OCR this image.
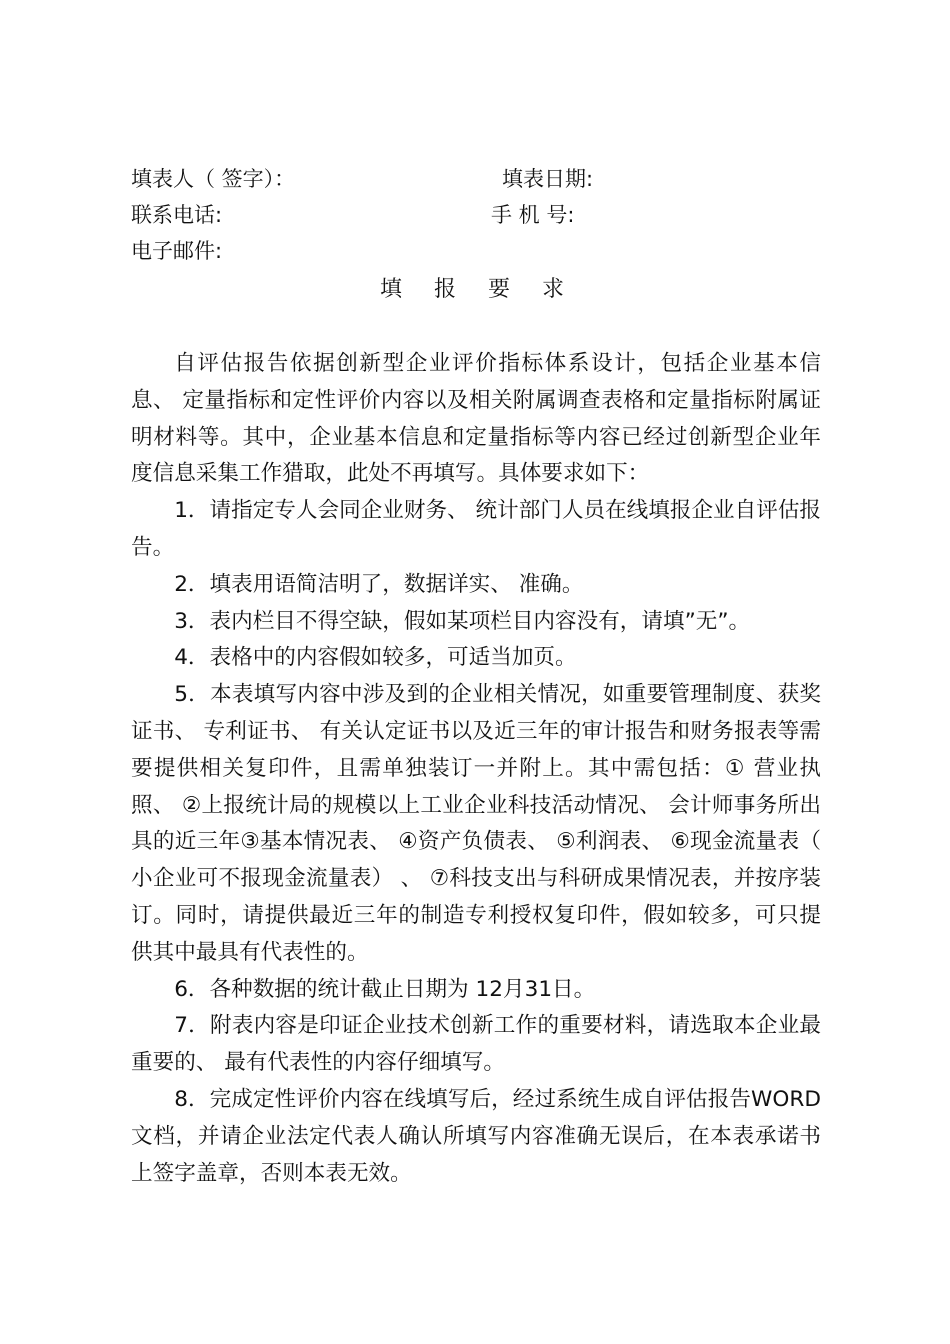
填表人（ 签字）：	填表日期:
联系电话:	手 机 号:
电子邮件:
填  报  要  求

自评估报告依据创新型企业评价指标体系设计，包括企业基本信息、 定量指标和定性评价内容以及相关附属调查表格和定量指标附属证明材料等。其中，企业基本信息和定量指标等内容已经过创新型企业年度信息采集工作猎取，此处不再填写。具体要求如下：

1．请指定专人会同企业财务、 统计部门人员在线填报企业自评估报告。

2．填表用语简洁明了，数据详实、 准确。

3．表内栏目不得空缺，假如某项栏目内容没有，请填”无”。

4．表格中的内容假如较多，可适当加页。

5．本表填写内容中涉及到的企业相关情况，如重要管理制度、获奖证书、 专利证书、 有关认定证书以及近三年的审计报告和财务报表等需要提供相关复印件，且需单独装订一并附上。其中需包括：① 营业执照、 ②上报统计局的规模以上工业企业科技活动情况、 会计师事务所出具的近三年③基本情况表、 ④资产负债表、 ⑤利润表、 ⑥现金流量表（ 小企业可不报现金流量表） 、 ⑦科技支出与科研成果情况表，并按序装订。同时，请提供最近三年的制造专利授权复印件，假如较多，可只提供其中最具有代表性的。

6．各种数据的统计截止日期为 12月31日。

7．附表内容是印证企业技术创新工作的重要材料，请选取本企业最重要的、 最有代表性的内容仔细填写。

8．完成定性评价内容在线填写后，经过系统生成自评估报告WORD文档，并请企业法定代表人确认所填写内容准确无误后，在本表承诺书上签字盖章，否则本表无效。
